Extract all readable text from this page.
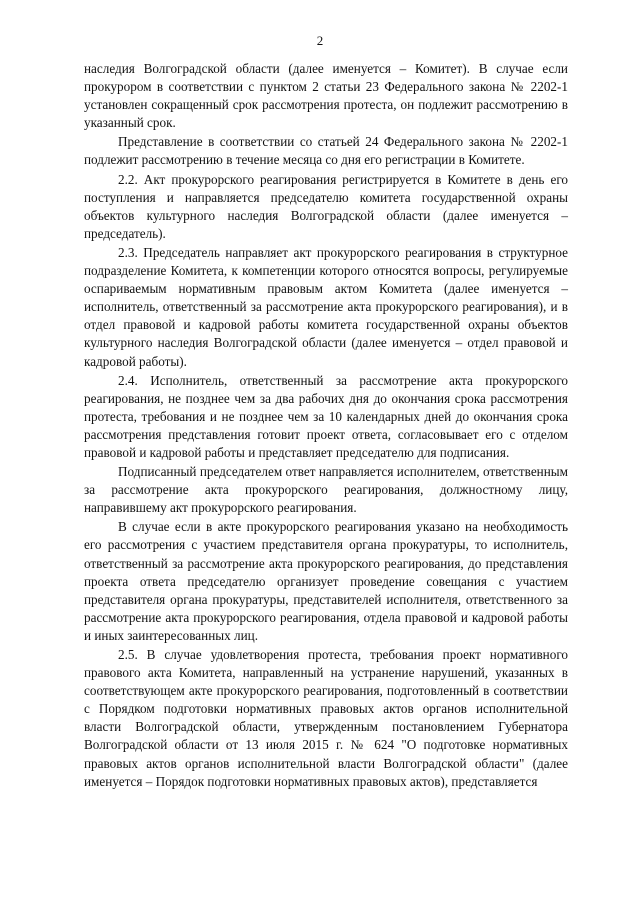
2

наследия Волгоградской области (далее именуется – Комитет). В случае если прокурором в соответствии с пунктом 2 статьи 23 Федерального закона № 2202-1 установлен сокращенный срок рассмотрения протеста, он подлежит рассмотрению в указанный срок.

Представление в соответствии со статьей 24 Федерального закона № 2202-1 подлежит рассмотрению в течение месяца со дня его регистрации в Комитете.

2.2. Акт прокурорского реагирования регистрируется в Комитете в день его поступления и направляется председателю комитета государственной охраны объектов культурного наследия Волгоградской области (далее именуется – председатель).

2.3. Председатель направляет акт прокурорского реагирования в структурное подразделение Комитета, к компетенции которого относятся вопросы, регулируемые оспариваемым нормативным правовым актом Комитета (далее именуется – исполнитель, ответственный за рассмотрение акта прокурорского реагирования), и в отдел правовой и кадровой работы комитета государственной охраны объектов культурного наследия Волгоградской области (далее именуется – отдел правовой и кадровой работы).

2.4. Исполнитель, ответственный за рассмотрение акта прокурорского реагирования, не позднее чем за два рабочих дня до окончания срока рассмотрения протеста, требования и не позднее чем за 10 календарных дней до окончания срока рассмотрения представления готовит проект ответа, согласовывает его с отделом правовой и кадровой работы и представляет председателю для подписания.

Подписанный председателем ответ направляется исполнителем, ответственным за рассмотрение акта прокурорского реагирования, должностному лицу, направившему акт прокурорского реагирования.

В случае если в акте прокурорского реагирования указано на необходимость его рассмотрения с участием представителя органа прокуратуры, то исполнитель, ответственный за рассмотрение акта прокурорского реагирования, до представления проекта ответа председателю организует проведение совещания с участием представителя органа прокуратуры, представителей исполнителя, ответственного за рассмотрение акта прокурорского реагирования, отдела правовой и кадровой работы и иных заинтересованных лиц.

2.5. В случае удовлетворения протеста, требования проект нормативного правового акта Комитета, направленный на устранение нарушений, указанных в соответствующем акте прокурорского реагирования, подготовленный в соответствии с Порядком подготовки нормативных правовых актов органов исполнительной власти Волгоградской области, утвержденным постановлением Губернатора Волгоградской области от 13 июля 2015 г. № 624 "О подготовке нормативных правовых актов органов исполнительной власти Волгоградской области" (далее именуется – Порядок подготовки нормативных правовых актов), представляется
